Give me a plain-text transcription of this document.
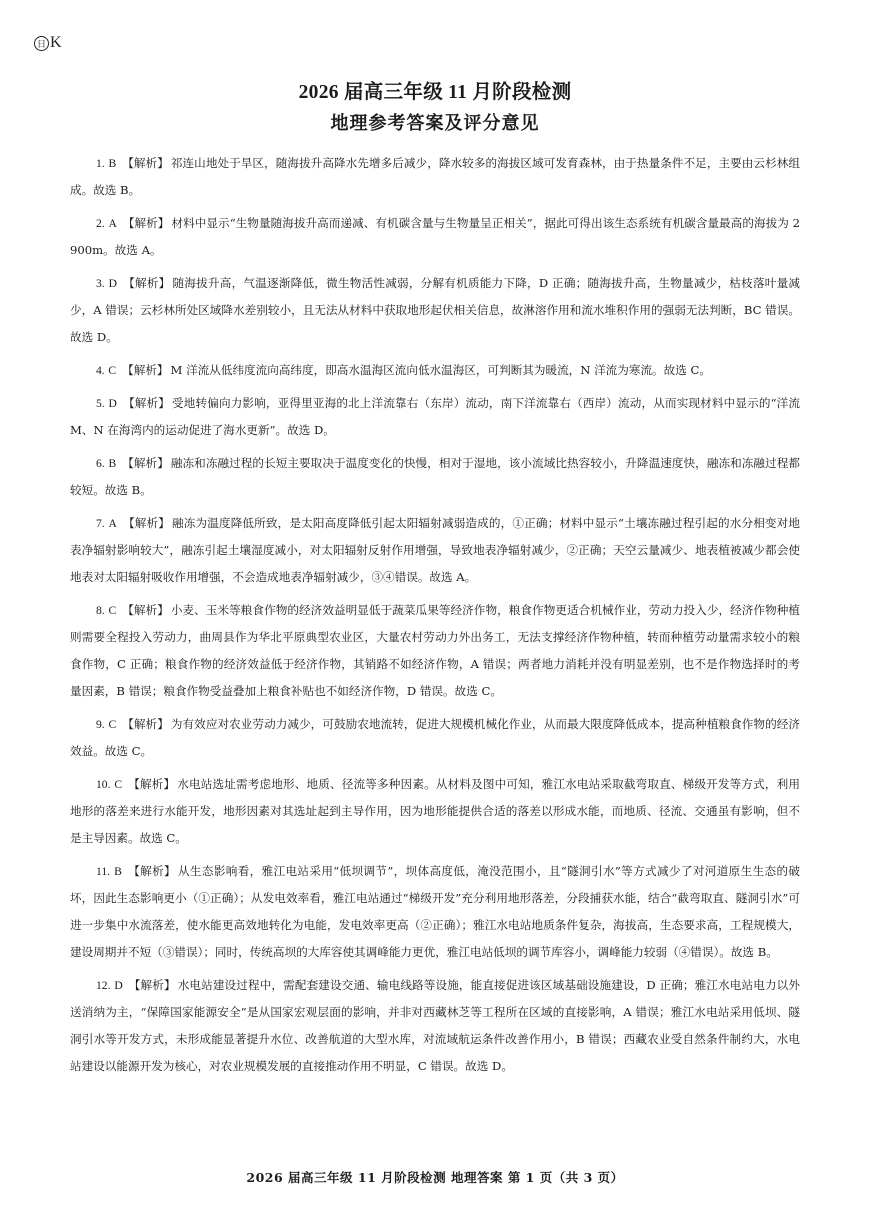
日 K
2026 届高三年级 11 月阶段检测
地理参考答案及评分意见

1. B 【解析】 祁连山地处于旱区，随海拔升高降水先增多后减少，降水较多的海拔区域可发育森林，由于热量条件不足，主要由云杉林组成。故选 B。

2. A 【解析】 材料中显示“生物量随海拔升高而递减、有机碳含量与生物量呈正相关”，据此可得出该生态系统有机碳含量最高的海拔为 2900m。故选 A。

3. D 【解析】 随海拔升高，气温逐渐降低，微生物活性减弱，分解有机质能力下降，D 正确；随海拔升高，生物量减少，枯枝落叶量减少，A 错误；云杉林所处区域降水差别较小，且无法从材料中获取地形起伏相关信息，故淋溶作用和流水堆积作用的强弱无法判断，BC 错误。故选 D。

4. C 【解析】 M 洋流从低纬度流向高纬度，即高水温海区流向低水温海区，可判断其为暖流，N 洋流为寒流。故选 C。

5. D 【解析】 受地转偏向力影响，亚得里亚海的北上洋流靠右（东岸）流动，南下洋流靠右（西岸）流动，从而实现材料中显示的“洋流 M、N 在海湾内的运动促进了海水更新”。故选 D。

6. B 【解析】 融冻和冻融过程的长短主要取决于温度变化的快慢，相对于湿地，该小流域比热容较小，升降温速度快，融冻和冻融过程都较短。故选 B。

7. A 【解析】 融冻为温度降低所致，是太阳高度降低引起太阳辐射减弱造成的，①正确；材料中显示“土壤冻融过程引起的水分相变对地表净辐射影响较大”，融冻引起土壤湿度减小，对太阳辐射反射作用增强，导致地表净辐射减少，②正确；天空云量减少、地表植被减少都会使地表对太阳辐射吸收作用增强，不会造成地表净辐射减少，③④错误。故选 A。

8. C 【解析】 小麦、玉米等粮食作物的经济效益明显低于蔬菜瓜果等经济作物，粮食作物更适合机械作业，劳动力投入少，经济作物种植则需要全程投入劳动力，曲周县作为华北平原典型农业区，大量农村劳动力外出务工，无法支撑经济作物种植，转而种植劳动量需求较小的粮食作物，C 正确；粮食作物的经济效益低于经济作物，其销路不如经济作物，A 错误；两者地力消耗并没有明显差别，也不是作物选择时的考量因素，B 错误；粮食作物受益叠加上粮食补贴也不如经济作物，D 错误。故选 C。

9. C 【解析】 为有效应对农业劳动力减少，可鼓励农地流转，促进大规模机械化作业，从而最大限度降低成本，提高种植粮食作物的经济效益。故选 C。

10. C 【解析】 水电站选址需考虑地形、地质、径流等多种因素。从材料及图中可知，雅江水电站采取截弯取直、梯级开发等方式，利用地形的落差来进行水能开发，地形因素对其选址起到主导作用，因为地形能提供合适的落差以形成水能，而地质、径流、交通虽有影响，但不是主导因素。故选 C。

11. B 【解析】 从生态影响看，雅江电站采用“低坝调节”，坝体高度低，淹没范围小，且“隧洞引水”等方式减少了对河道原生生态的破坏，因此生态影响更小（①正确）；从发电效率看，雅江电站通过“梯级开发”充分利用地形落差，分段捕获水能，结合“截弯取直、隧洞引水”可进一步集中水流落差，使水能更高效地转化为电能，发电效率更高（②正确）；雅江水电站地质条件复杂，海拔高，生态要求高，工程规模大，建设周期并不短（③错误）；同时，传统高坝的大库容使其调峰能力更优，雅江电站低坝的调节库容小，调峰能力较弱（④错误）。故选 B。

12. D 【解析】 水电站建设过程中，需配套建设交通、输电线路等设施，能直接促进该区域基础设施建设，D 正确；雅江水电站电力以外送消纳为主，“保障国家能源安全”是从国家宏观层面的影响，并非对西藏林芝等工程所在区域的直接影响，A 错误；雅江水电站采用低坝、隧洞引水等开发方式，未形成能显著提升水位、改善航道的大型水库，对流域航运条件改善作用小，B 错误；西藏农业受自然条件制约大，水电站建设以能源开发为核心，对农业规模发展的直接推动作用不明显，C 错误。故选 D。

2026 届高三年级 11 月阶段检测 地理答案 第 1 页（共 3 页）
